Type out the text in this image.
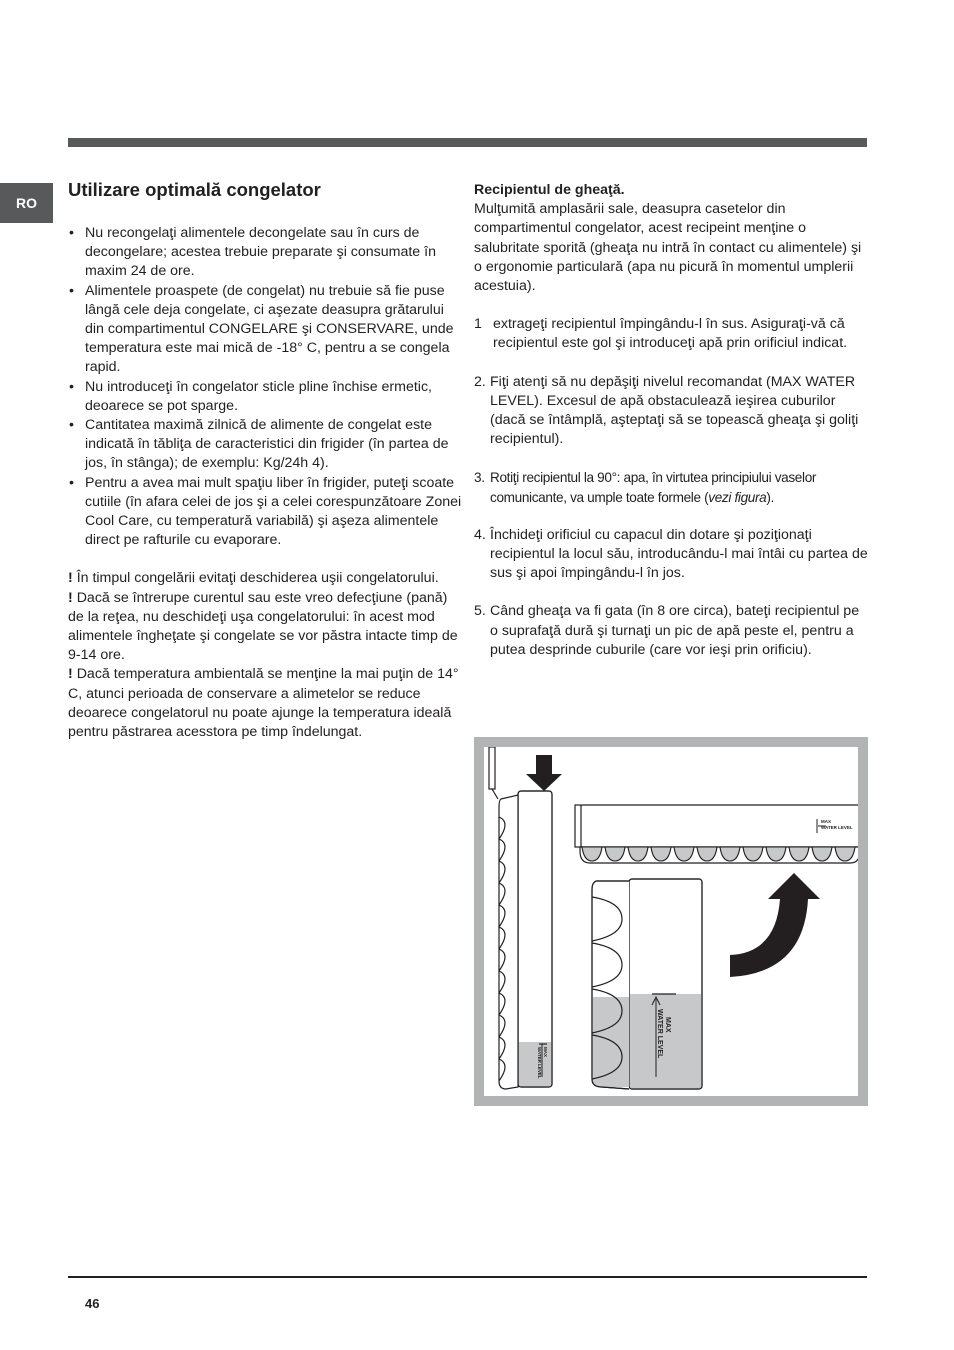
RO
Utilizare optimală congelator
• Nu recongelaţi alimentele decongelate sau în curs de decongelare; acestea trebuie preparate şi consumate în maxim 24 de ore.
• Alimentele proaspete (de congelat) nu trebuie să fie puse lângă cele deja congelate, ci aşezate deasupra grătarului din compartimentul CONGELARE şi CONSERVARE, unde temperatura este mai mică de -18° C, pentru a se congela rapid.
• Nu introduceţi în congelator sticle pline închise ermetic, deoarece se pot sparge.
• Cantitatea maximă zilnică de alimente de congelat este indicată în tăbliţa de caracteristici din frigider (în partea de jos, în stânga); de exemplu: Kg/24h 4).
• Pentru a avea mai mult spaţiu liber în frigider, puteţi scoate cutiile (în afara celei de jos şi a celei corespunzătoare Zonei Cool Care, cu temperatură variabilă) şi aşeza alimentele direct pe rafturile cu evaporare.

! În timpul congelării evitaţi deschiderea uşii congelatorului.

! Dacă se întrerupe curentul sau este vreo defecţiune (pană) de la reţea, nu deschideţi uşa congelatorului: în acest mod alimentele îngheţate şi congelate se vor păstra intacte timp de 9-14 ore.

! Dacă temperatura ambientală se menţine la mai puţin de 14° C, atunci perioada de conservare a alimetelor se reduce deoarece congelatorul nu poate ajunge la temperatura ideală pentru păstrarea acesstora pe timp îndelungat.

Recipientul de gheaţă.

Mulţumită amplasării sale, deasupra casetelor din compartimentul congelator, acest recipeint menţine o salubritate sporită (gheaţa nu intră în contact cu alimentele) şi o ergonomie particulară (apa nu picură în momentul umplerii acestuia).

1 extrageţi recipientul împingându-l în sus. Asiguraţi-vă că recipientul este gol şi introduceţi apă prin orificiul indicat.
2. Fiţi atenţi să nu depăşiţi nivelul recomandat (MAX WATER LEVEL). Excesul de apă obstaculează ieşirea cuburilor (dacă se întâmplă, aşteptaţi să se topească gheaţa şi goliţi recipientul).
3. Rotiţi recipientul la 90°: apa, în virtutea principiului vaselor comunicante, va umple toate formele (vezi figura).
4. Închideţi orificiul cu capacul din dotare şi poziţionaţi recipientul la locul său, introducându-l mai întâi cu partea de sus şi apoi împingându-l în jos.
5. Când gheaţa va fi gata (în 8 ore circa), bateţi recipientul pe o suprafaţă dură şi turnaţi un pic de apă peste el, pentru a putea desprinde cuburile (care vor ieşi prin orificiu).
MAX
WATER LEVEL
MAX
WATER LEVEL
MAX
WATER LEVEL
46
